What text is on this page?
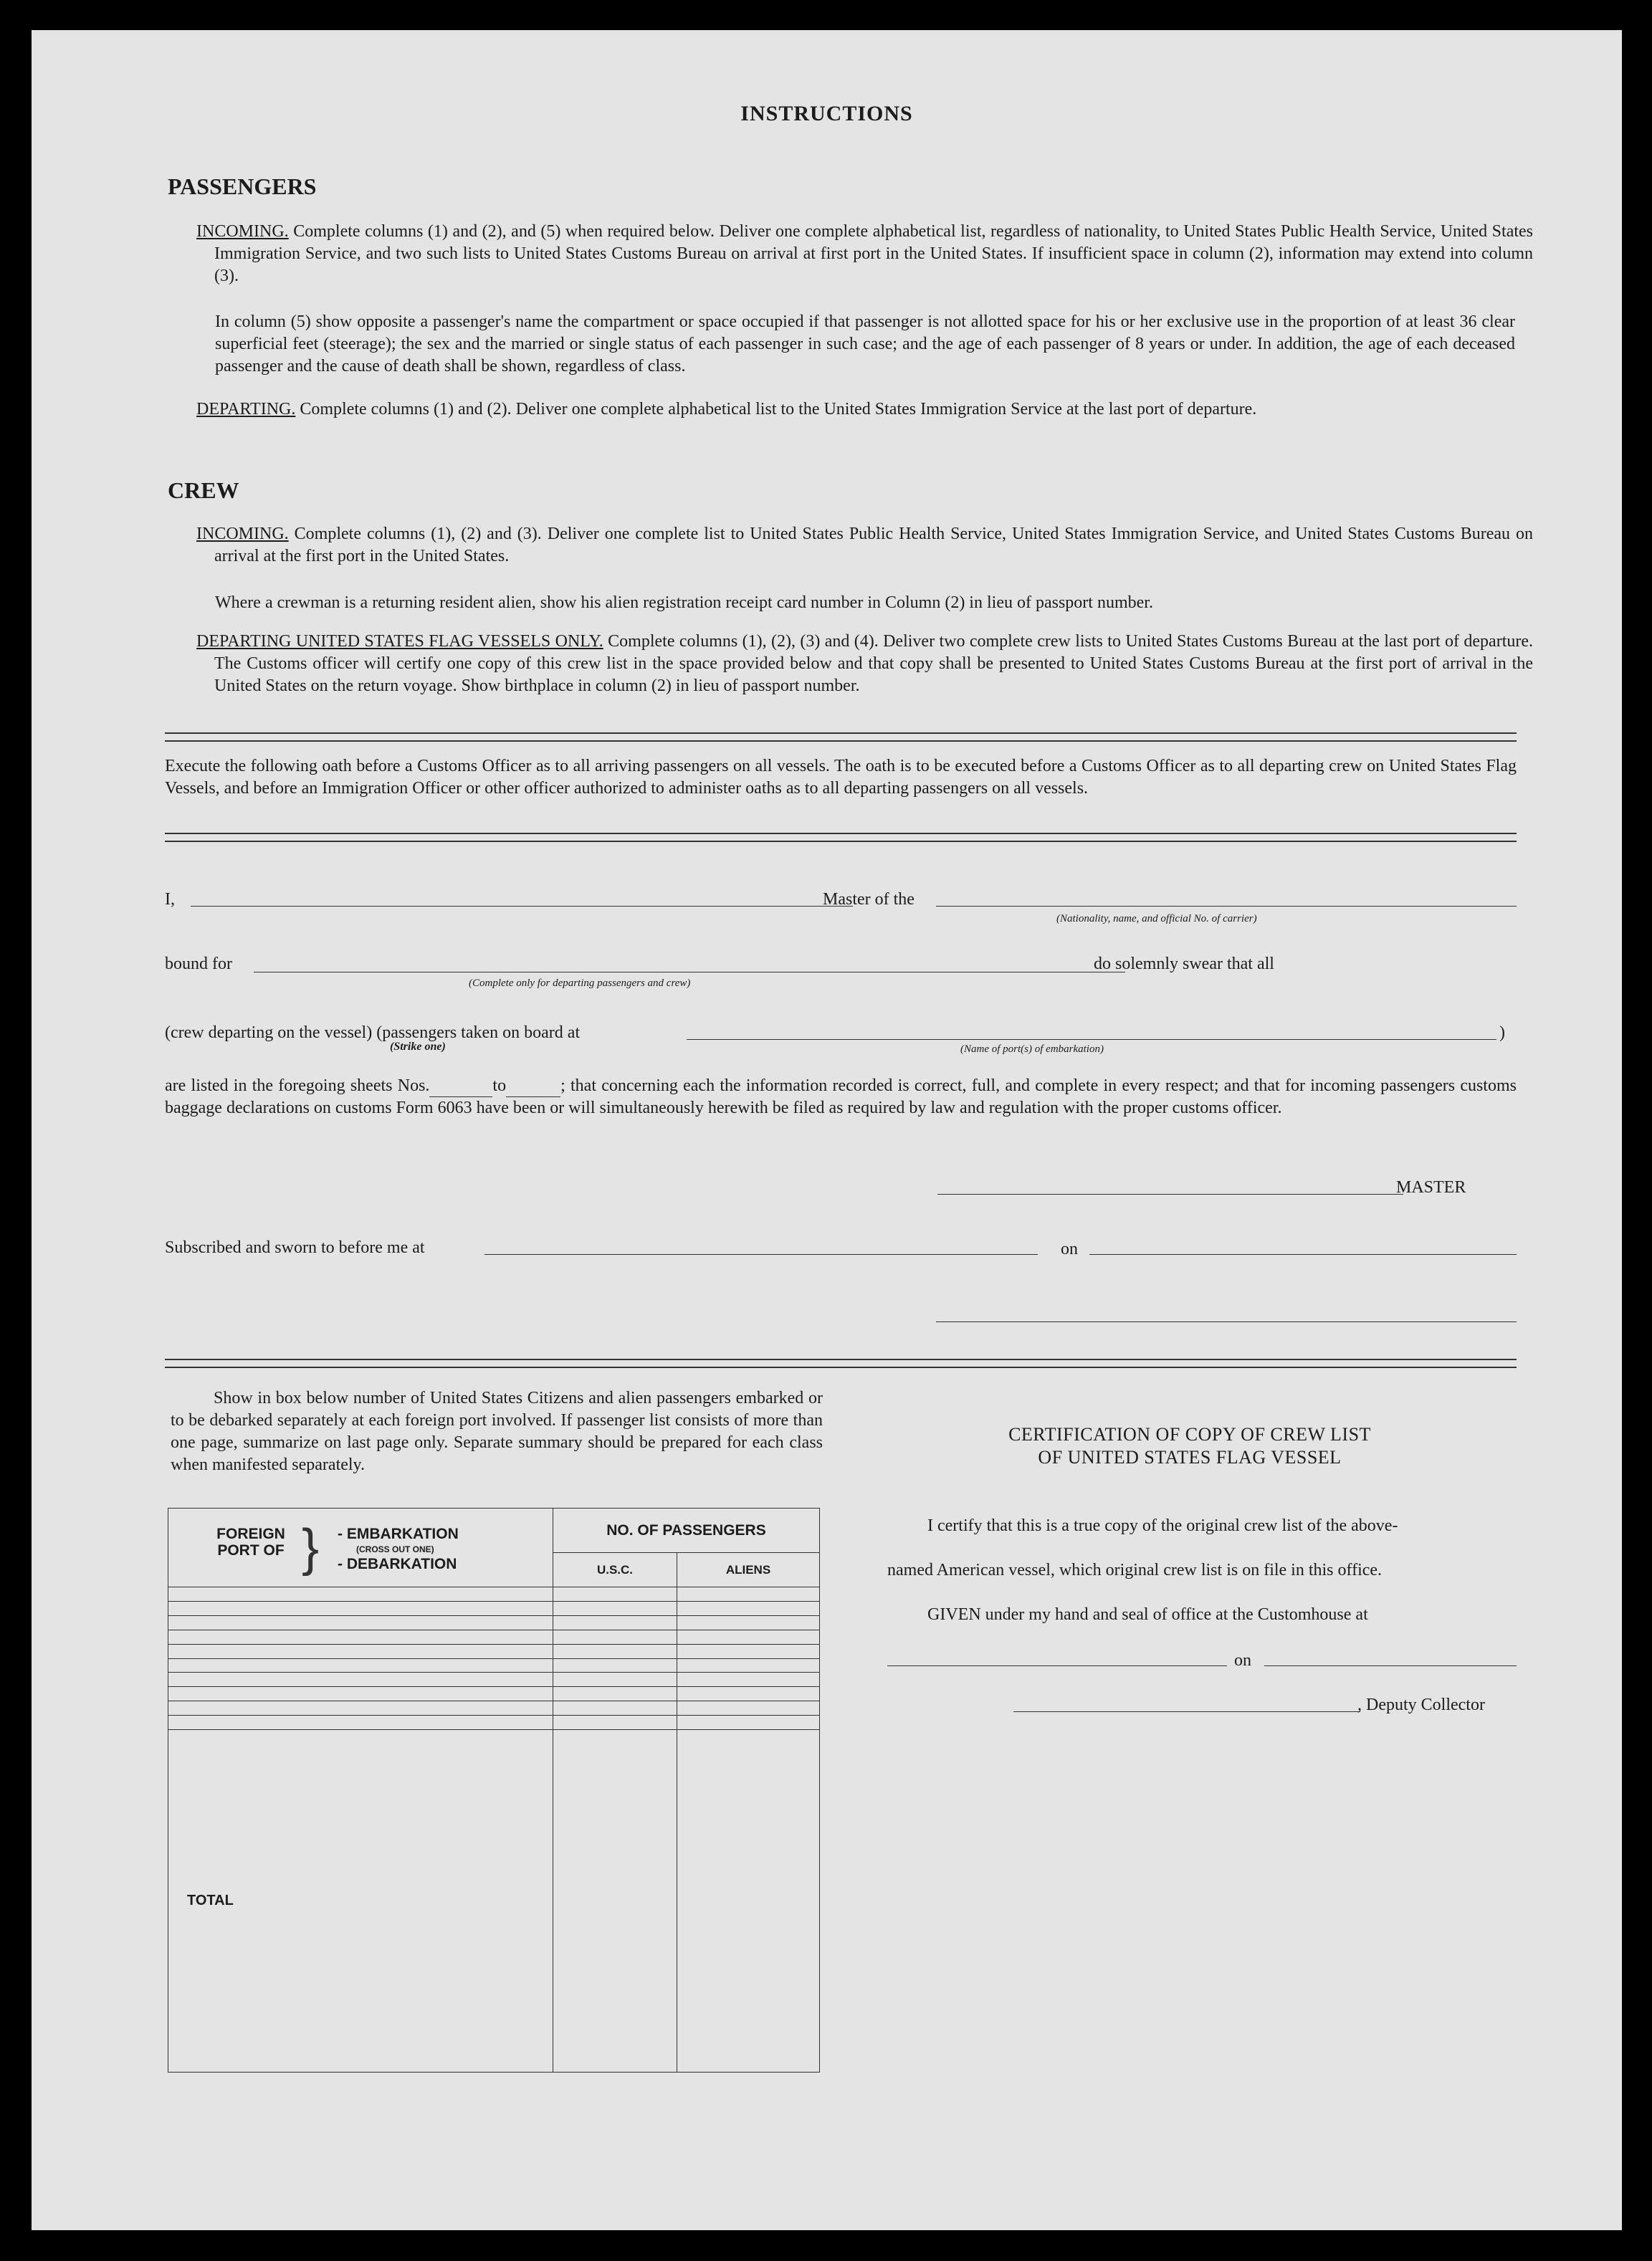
INSTRUCTIONS
PASSENGERS
INCOMING. Complete columns (1) and (2), and (5) when required below. Deliver one complete alphabetical list, regardless of nationality, to United States Public Health Service, United States Immigration Service, and two such lists to United States Customs Bureau on arrival at first port in the United States. If insufficient space in column (2), information may extend into column (3).
In column (5) show opposite a passenger's name the compartment or space occupied if that passenger is not allotted space for his or her exclusive use in the proportion of at least 36 clear superficial feet (steerage); the sex and the married or single status of each passenger in such case; and the age of each passenger of 8 years or under. In addition, the age of each deceased passenger and the cause of death shall be shown, regardless of class.
DEPARTING. Complete columns (1) and (2). Deliver one complete alphabetical list to the United States Immigration Service at the last port of departure.
CREW
INCOMING. Complete columns (1), (2) and (3). Deliver one complete list to United States Public Health Service, United States Immigration Service, and United States Customs Bureau on arrival at the first port in the United States.
Where a crewman is a returning resident alien, show his alien registration receipt card number in Column (2) in lieu of passport number.
DEPARTING UNITED STATES FLAG VESSELS ONLY. Complete columns (1), (2), (3) and (4). Deliver two complete crew lists to United States Customs Bureau at the last port of departure. The Customs officer will certify one copy of this crew list in the space provided below and that copy shall be presented to United States Customs Bureau at the first port of arrival in the United States on the return voyage. Show birthplace in column (2) in lieu of passport number.
Execute the following oath before a Customs Officer as to all arriving passengers on all vessels. The oath is to be executed before a Customs Officer as to all departing crew on United States Flag Vessels, and before an Immigration Officer or other officer authorized to administer oaths as to all departing passengers on all vessels.
I,	Master of the
(Nationality, name, and official No. of carrier)
bound for
(Complete only for departing passengers and crew)
do solemnly swear that all
(crew departing on the vessel) (passengers taken on board at
(Strike one)	(Name of port(s) of embarkation)
)
are listed in the foregoing sheets Nos.	to	; that concerning each the information recorded is correct, full, and complete in every respect; and that for incoming passengers customs baggage declarations on customs Form 6063 have been or will simultaneously herewith be filed as required by law and regulation with the proper customs officer.
MASTER
Subscribed and sworn to before me at	on
Show in box below number of United States Citizens and alien passengers embarked or to be debarked separately at each foreign port involved. If passenger list consists of more than one page, summarize on last page only. Separate summary should be prepared for each class when manifested separately.
FOREIGN PORT OF } - EMBARKATION
(CROSS OUT ONE)
- DEBARKATION	NO. OF PASSENGERS	
	U.S.C.	ALIENS

TOTAL		
CERTIFICATION OF COPY OF CREW LIST
OF UNITED STATES FLAG VESSEL
I certify that this is a true copy of the original crew list of the above-
named American vessel, which original crew list is on file in this office.
GIVEN under my hand and seal of office at the Customhouse at
on
, Deputy Collector
